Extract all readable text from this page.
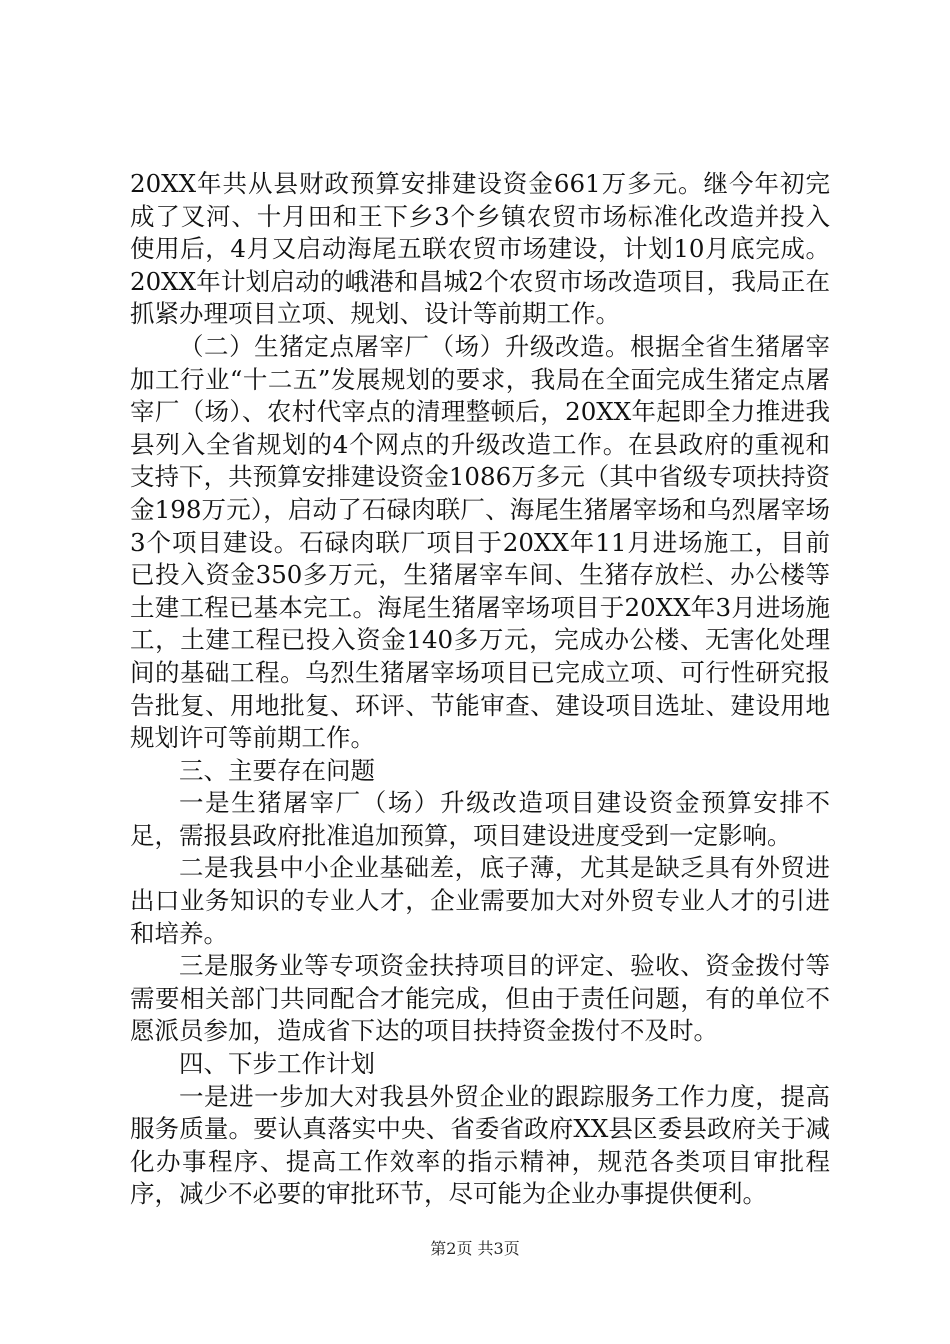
20XX年共从县财政预算安排建设资金661万多元。继今年初完成了叉河、十月田和王下乡3个乡镇农贸市场标准化改造并投入使用后，4月又启动海尾五联农贸市场建设，计划10月底完成。20XX年计划启动的峨港和昌城2个农贸市场改造项目，我局正在抓紧办理项目立项、规划、设计等前期工作。

（二）生猪定点屠宰厂（场）升级改造。根据全省生猪屠宰加工行业“十二五”发展规划的要求，我局在全面完成生猪定点屠宰厂（场）、农村代宰点的清理整顿后，20XX年起即全力推进我县列入全省规划的4个网点的升级改造工作。在县政府的重视和支持下，共预算安排建设资金1086万多元（其中省级专项扶持资金198万元），启动了石碌肉联厂、海尾生猪屠宰场和乌烈屠宰场3个项目建设。石碌肉联厂项目于20XX年11月进场施工，目前已投入资金350多万元，生猪屠宰车间、生猪存放栏、办公楼等土建工程已基本完工。海尾生猪屠宰场项目于20XX年3月进场施工，土建工程已投入资金140多万元，完成办公楼、无害化处理间的基础工程。乌烈生猪屠宰场项目已完成立项、可行性研究报告批复、用地批复、环评、节能审查、建设项目选址、建设用地规划许可等前期工作。

三、主要存在问题

一是生猪屠宰厂（场）升级改造项目建设资金预算安排不足，需报县政府批准追加预算，项目建设进度受到一定影响。

二是我县中小企业基础差，底子薄，尤其是缺乏具有外贸进出口业务知识的专业人才，企业需要加大对外贸专业人才的引进和培养。

三是服务业等专项资金扶持项目的评定、验收、资金拨付等需要相关部门共同配合才能完成，但由于责任问题，有的单位不愿派员参加，造成省下达的项目扶持资金拨付不及时。

四、下步工作计划

一是进一步加大对我县外贸企业的跟踪服务工作力度，提高服务质量。要认真落实中央、省委省政府XX县区委县政府关于减化办事程序、提高工作效率的指示精神，规范各类项目审批程序，减少不必要的审批环节，尽可能为企业办事提供便利。

第2页 共3页
